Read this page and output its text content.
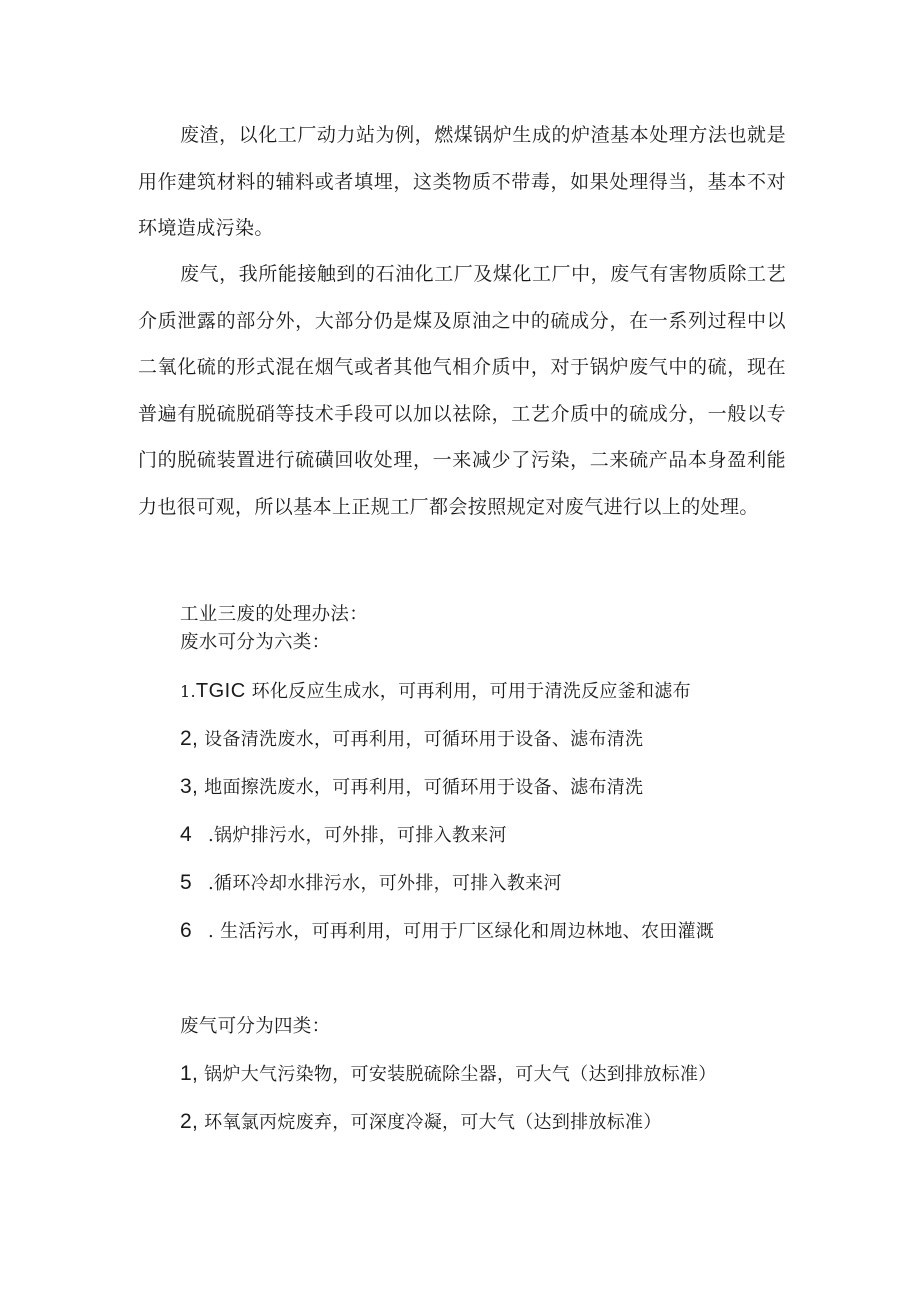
废渣，以化工厂动力站为例，燃煤锅炉生成的炉渣基本处理方法也就是用作建筑材料的辅料或者填埋，这类物质不带毒，如果处理得当，基本不对环境造成污染。

废气，我所能接触到的石油化工厂及煤化工厂中，废气有害物质除工艺介质泄露的部分外，大部分仍是煤及原油之中的硫成分，在一系列过程中以二氧化硫的形式混在烟气或者其他气相介质中，对于锅炉废气中的硫，现在普遍有脱硫脱硝等技术手段可以加以祛除，工艺介质中的硫成分，一般以专门的脱硫装置进行硫磺回收处理，一来减少了污染，二来硫产品本身盈利能力也很可观，所以基本上正规工厂都会按照规定对废气进行以上的处理。

工业三废的处理办法：

废水可分为六类：

1.TGIC 环化反应生成水，可再利用，可用于清洗反应釜和滤布

2, 设备清洗废水，可再利用，可循环用于设备、滤布清洗

3, 地面擦洗废水，可再利用，可循环用于设备、滤布清洗

4 .锅炉排污水，可外排，可排入教来河

5 .循环冷却水排污水，可外排，可排入教来河

6 . 生活污水，可再利用，可用于厂区绿化和周边林地、农田灌溉

废气可分为四类：

1, 锅炉大气污染物，可安装脱硫除尘器，可大气（达到排放标准）

2, 环氧氯丙烷废弃，可深度冷凝，可大气（达到排放标准）
